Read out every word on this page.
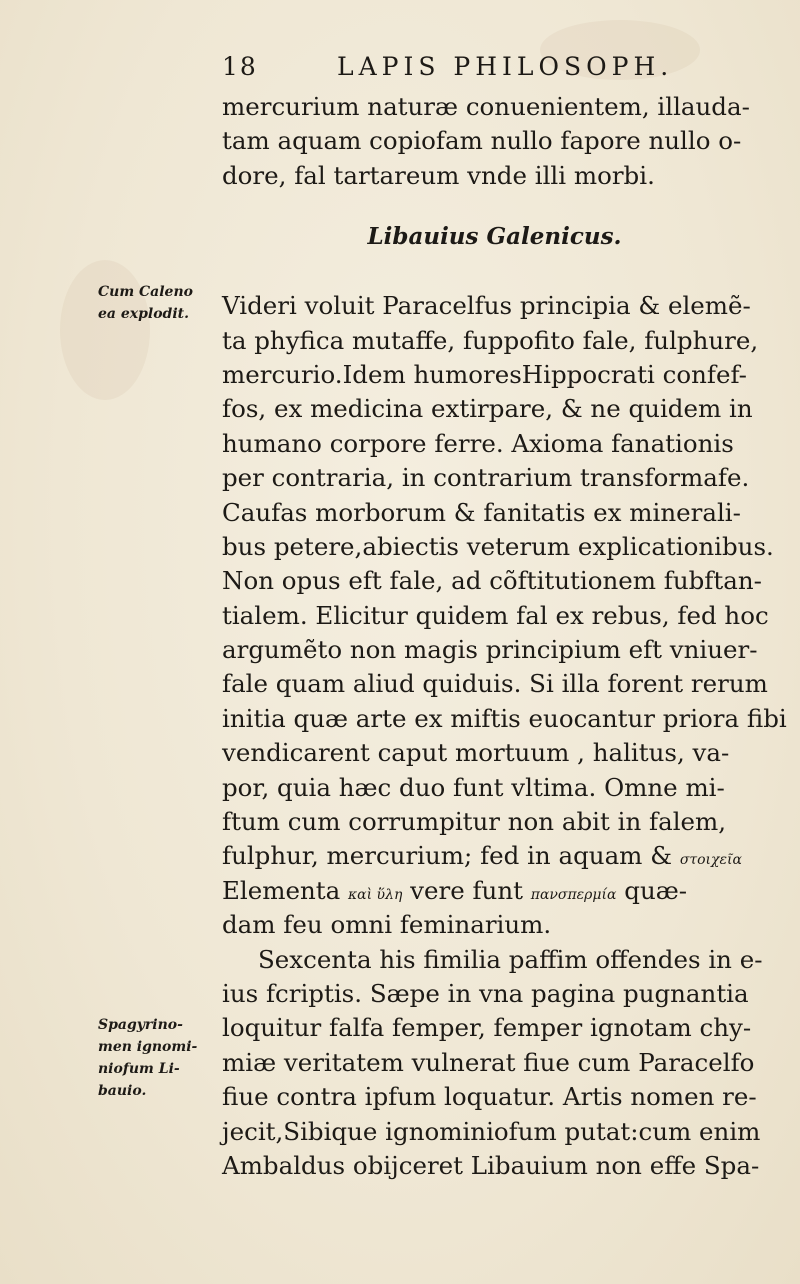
18	LAPIS PHILOSOPH.
Cum Caleno
ea explodit.
Spagyrino-
men ignomi-
niofum Li-
bauio.
mercurium naturæ conuenientem, illauda-
tam aquam copiofam nullo fapore nullo o-
dore, fal tartareum vnde illi morbi.
Libauius Galenicus.
Videri voluit Paracelfus principia & elemẽ-
ta phyfica mutaffe, fuppofito fale, fulphure,
mercurio.Idem humoresHippocrati confef-
fos, ex medicina extirpare, & ne quidem in
humano corpore ferre. Axioma fanationis
per contraria, in contrarium transformafe.
Caufas morborum & fanitatis ex minerali-
bus petere,abiectis veterum explicationibus.
Non opus eft fale, ad cõftitutionem fubftan-
tialem. Elicitur quidem fal ex rebus, fed hoc
argumẽto non magis principium eft vniuer-
fale quam aliud quiduis. Si illa forent rerum
initia quæ arte ex miftis euocantur priora fibi
vendicarent caput mortuum , halitus, va-
por, quia hæc duo funt vltima. Omne mi-
ftum cum corrumpitur non abit in falem,
fulphur, mercurium; fed in aquam & στοιχεῖα
Elementa καὶ ὕλη vere funt πανσπερμία quæ-
dam feu omni feminarium.
Sexcenta his fimilia paffim offendes in e-
ius fcriptis. Sæpe in vna pagina pugnantia
loquitur falfa femper, femper ignotam chy-
miæ veritatem vulnerat fiue cum Paracelfo
fiue contra ipfum loquatur. Artis nomen re-
jecit,Sibique ignominiofum putat:cum enim
Ambaldus obijceret Libauium non effe Spa-
